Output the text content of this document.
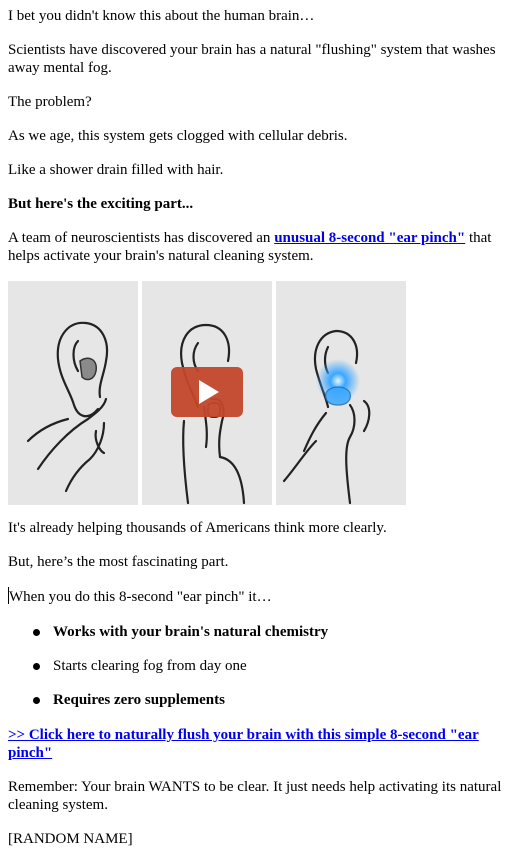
I bet you didn't know this about the human brain…

Scientists have discovered your brain has a natural "flushing" system that washes away mental fog.

The problem?

As we age, this system gets clogged with cellular debris.

Like a shower drain filled with hair.

But here's the exciting part...

A team of neuroscientists has discovered an unusual 8-second "ear pinch" that helps activate your brain's natural cleaning system.

It's already helping thousands of Americans think more clearly.

But, here’s the most fascinating part.

When you do this 8-second "ear pinch" it…

Works with your brain's natural chemistry
Starts clearing fog from day one
Requires zero supplements

>> Click here to naturally flush your brain with this simple 8-second "ear pinch"

Remember: Your brain WANTS to be clear. It just needs help activating its natural cleaning system.

[RANDOM NAME]
